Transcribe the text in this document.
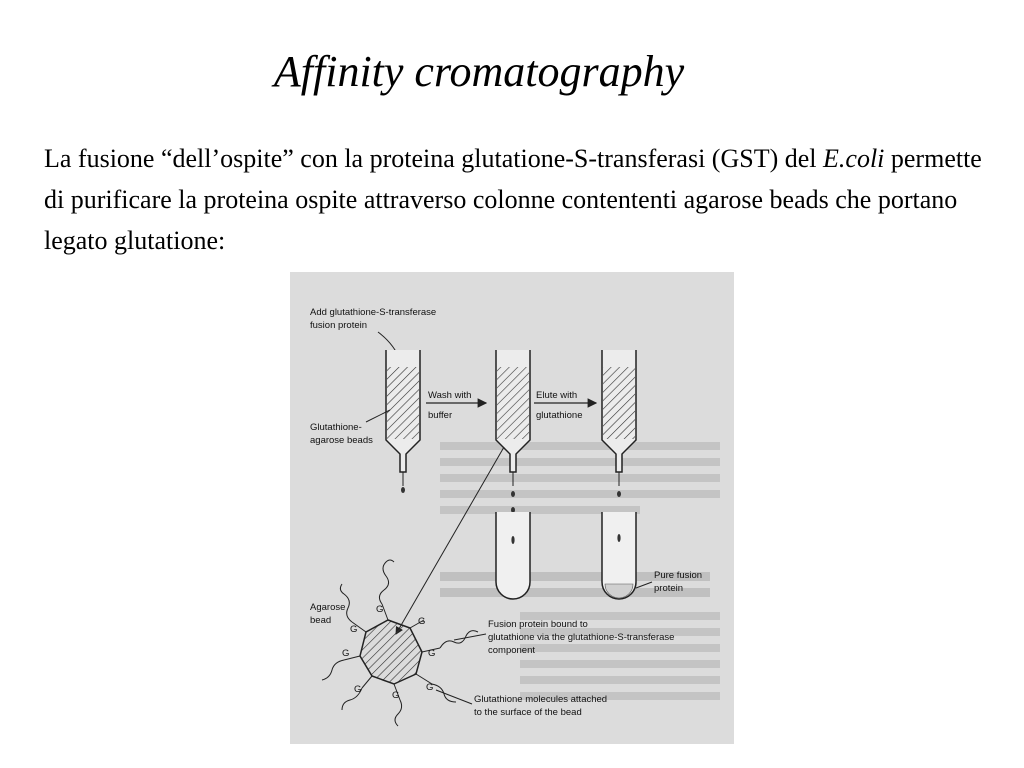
Affinity cromatography

La fusione “dell’ospite” con la proteina glutatione-S-transferasi (GST) del E.coli permette di purificare la proteina ospite attraverso colonne contententi agarose beads che portano legato glutatione:

Add glutathione-S-transferase
fusion protein
Glutathione-
agarose beads
Wash with
buffer
Elute with
glutathione
Pure fusion
protein
G
G
G
G
G
G
G
G
Agarose
bead	Fusion protein bound to
glutathione via the glutathione-S-transferase
component
Glutathione molecules attached
to the surface of the bead
